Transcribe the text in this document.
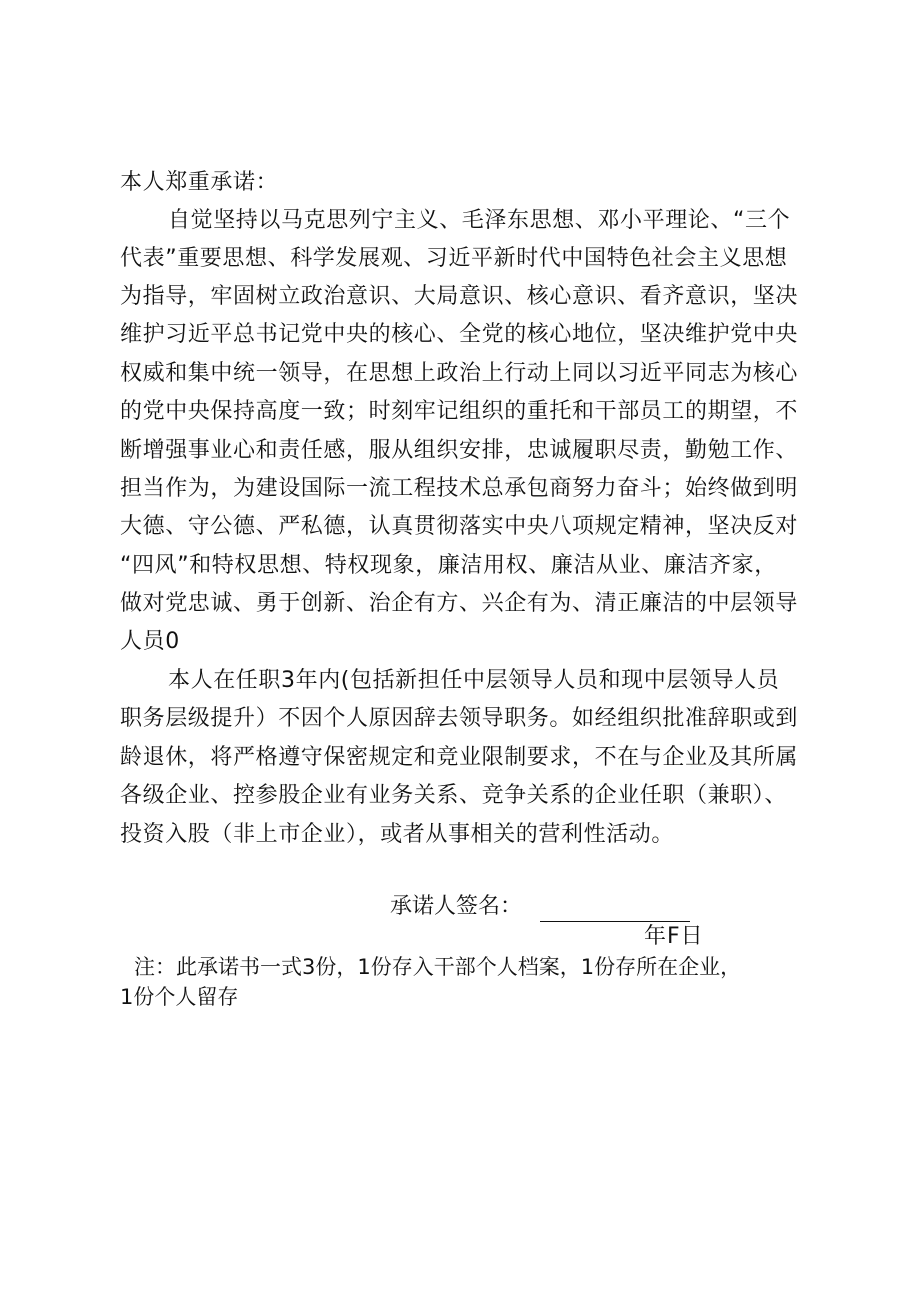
本人郑重承诺：
自觉坚持以马克思列宁主义、毛泽东思想、邓小平理论、“三个
代表”重要思想、科学发展观、习近平新时代中国特色社会主义思想
为指导，牢固树立政治意识、大局意识、核心意识、看齐意识，坚决
维护习近平总书记党中央的核心、全党的核心地位，坚决维护党中央
权威和集中统一领导，在思想上政治上行动上同以习近平同志为核心
的党中央保持高度一致；时刻牢记组织的重托和干部员工的期望，不
断增强事业心和责任感，服从组织安排，忠诚履职尽责，勤勉工作、
担当作为，为建设国际一流工程技术总承包商努力奋斗；始终做到明
大德、守公德、严私德，认真贯彻落实中央八项规定精神，坚决反对
“四风”和特权思想、特权现象，廉洁用权、廉洁从业、廉洁齐家，
做对党忠诚、勇于创新、治企有方、兴企有为、清正廉洁的中层领导
人员0
本人在任职3年内(包括新担任中层领导人员和现中层领导人员
职务层级提升）不因个人原因辞去领导职务。如经组织批准辞职或到
龄退休，将严格遵守保密规定和竞业限制要求，不在与企业及其所属
各级企业、控参股企业有业务关系、竞争关系的企业任职（兼职）、
投资入股（非上市企业），或者从事相关的营利性活动。
承诺人签名：
年F日
注：此承诺书一式3份，1份存入干部个人档案，1份存所在企业，
1份个人留存
